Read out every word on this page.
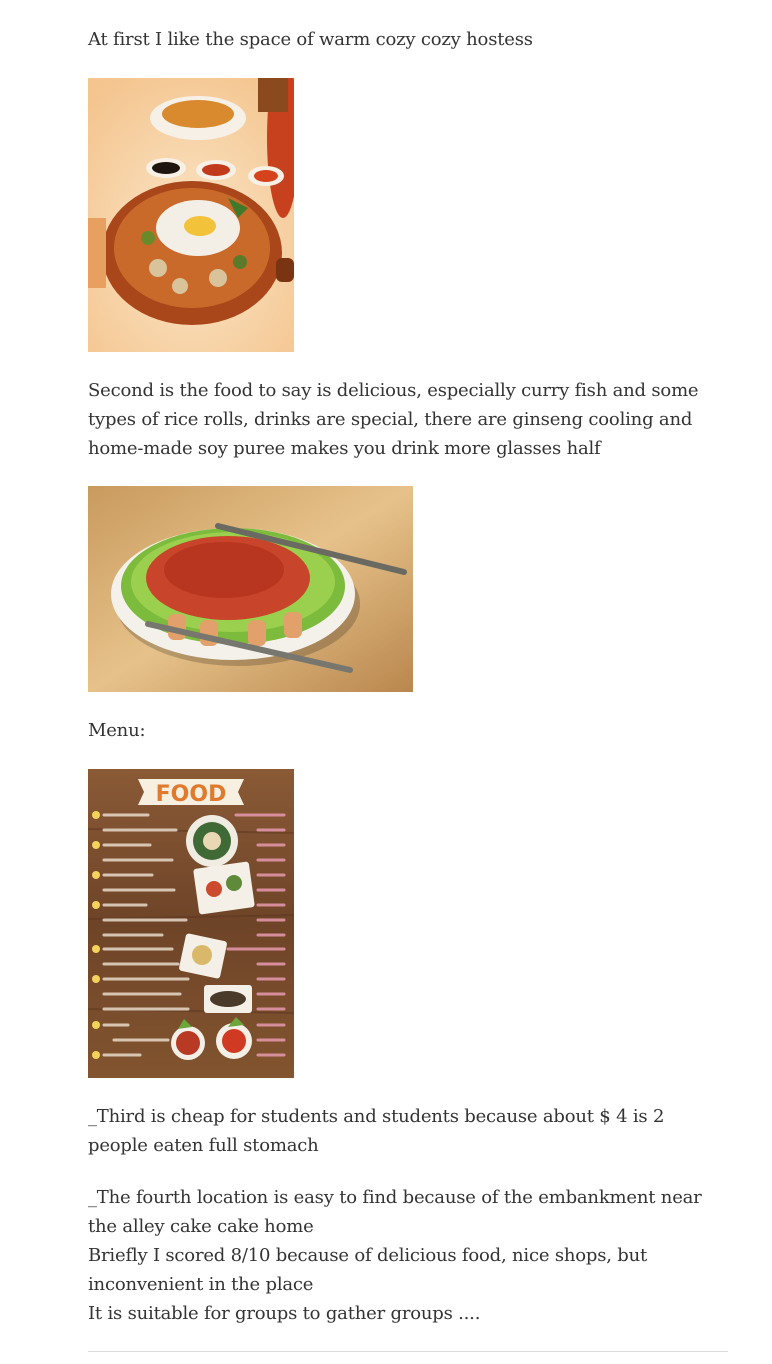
At first I like the space of warm cozy cozy hostess

Second is the food to say is delicious, especially curry fish and some types of rice rolls, drinks are special, there are ginseng cooling and home-made soy puree makes you drink more glasses half

Menu:

FOOD

_Third is cheap for students and students because about $ 4 is 2 people eaten full stomach

_The fourth location is easy to find because of the embankment near the alley cake cake home
Briefly I scored 8/10 because of delicious food, nice shops, but inconvenient in the place
It is suitable for groups to gather groups ....
